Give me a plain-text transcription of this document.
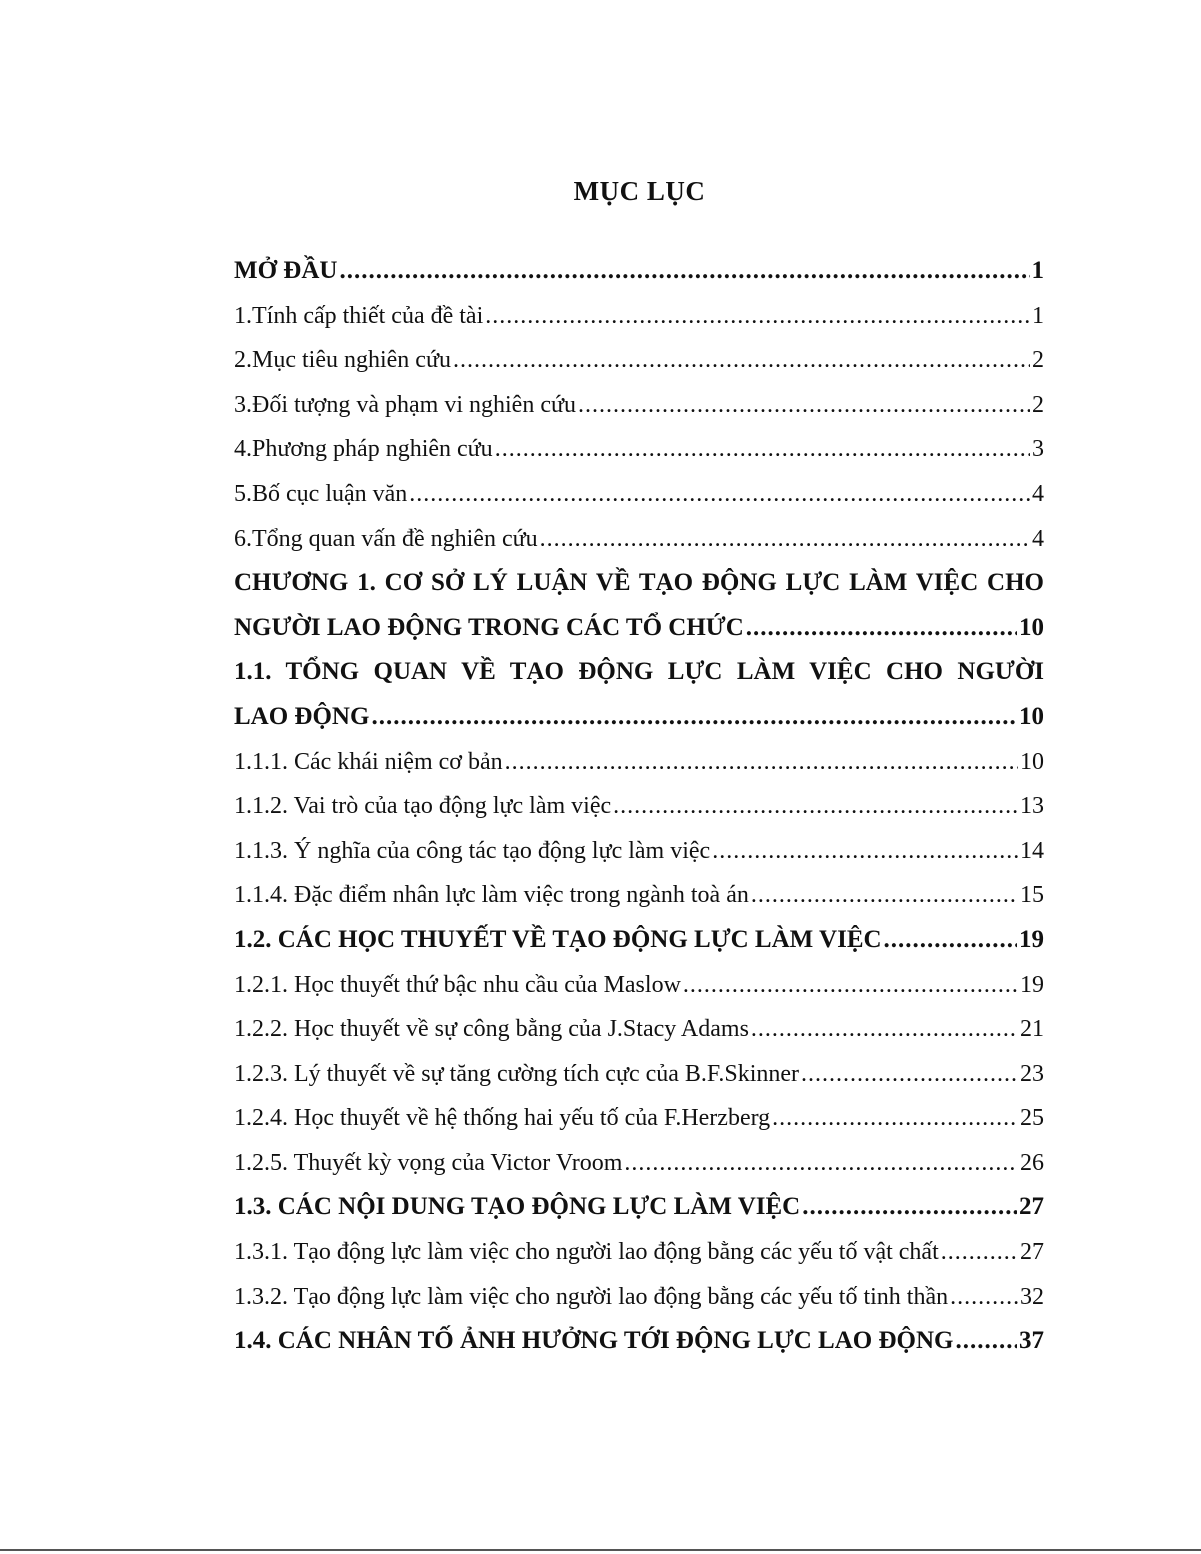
MỤC LỤC
MỞ ĐẦU .....	1
1.Tính cấp thiết của đề tài .....	1
2.Mục tiêu nghiên cứu .....	2
3.Đối tượng và phạm vi nghiên cứu .....	2
4.Phương pháp nghiên cứu .....	3
5.Bố cục luận văn .....	4
6.Tổng quan vấn đề nghiên cứu .....	4
CHƯƠNG 1. CƠ SỞ LÝ LUẬN VỀ TẠO ĐỘNG LỰC LÀM VIỆC CHO
NGƯỜI LAO ĐỘNG TRONG CÁC TỔ CHỨC .....	10
1.1. TỔNG QUAN VỀ TẠO ĐỘNG LỰC LÀM VIỆC CHO NGƯỜI
LAO ĐỘNG .....	10
1.1.1. Các khái niệm cơ bản .....	10
1.1.2. Vai trò của tạo động lực làm việc .....	13
1.1.3. Ý nghĩa của công tác tạo động lực làm việc .....	14
1.1.4. Đặc điểm nhân lực làm việc trong ngành toà án .....	15
1.2. CÁC HỌC THUYẾT VỀ TẠO ĐỘNG LỰC LÀM VIỆC .....	19
1.2.1. Học thuyết thứ bậc nhu cầu của Maslow .....	19
1.2.2. Học thuyết về sự công bằng của J.Stacy Adams .....	21
1.2.3. Lý thuyết về sự tăng cường tích cực của B.F.Skinner .....	23
1.2.4. Học thuyết về hệ thống hai yếu tố của F.Herzberg .....	25
1.2.5. Thuyết kỳ vọng của Victor Vroom .....	26
1.3. CÁC NỘI DUNG TẠO ĐỘNG LỰC LÀM VIỆC .....	27
1.3.1. Tạo động lực làm việc cho người lao động bằng các yếu tố vật chất .....	27
1.3.2. Tạo động lực làm việc cho người lao động bằng các yếu tố tinh thần .....	32
1.4. CÁC NHÂN TỐ ẢNH HƯỞNG TỚI ĐỘNG LỰC LAO ĐỘNG .....	37
